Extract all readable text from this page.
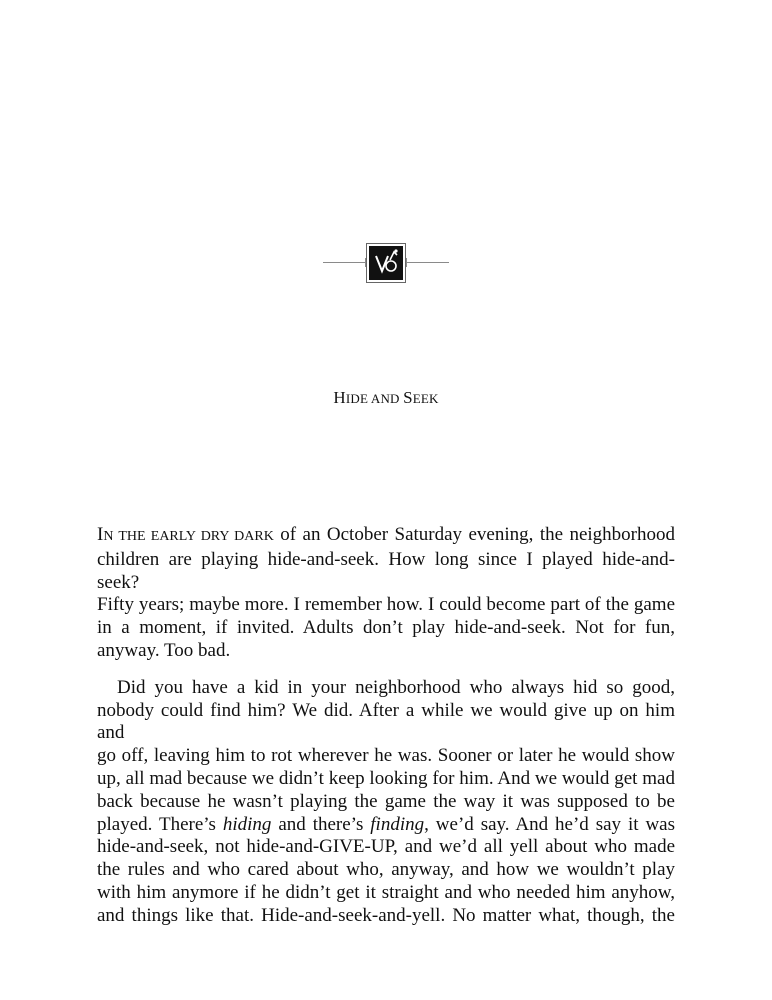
HIDE AND SEEK

IN THE EARLY DRY DARK of an October Saturday evening, the neighborhood
children are playing hide-and-seek. How long since I played hide-and-seek?
Fifty years; maybe more. I remember how. I could become part of the game
in a moment, if invited. Adults don’t play hide-and-seek. Not for fun,
anyway. Too bad.

Did you have a kid in your neighborhood who always hid so good,
nobody could find him? We did. After a while we would give up on him and
go off, leaving him to rot wherever he was. Sooner or later he would show
up, all mad because we didn’t keep looking for him. And we would get mad
back because he wasn’t playing the game the way it was supposed to be
played. There’s hiding and there’s finding, we’d say. And he’d say it was
hide-and-seek, not hide-and-GIVE-UP, and we’d all yell about who made
the rules and who cared about who, anyway, and how we wouldn’t play
with him anymore if he didn’t get it straight and who needed him anyhow,
and things like that. Hide-and-seek-and-yell. No matter what, though, the
